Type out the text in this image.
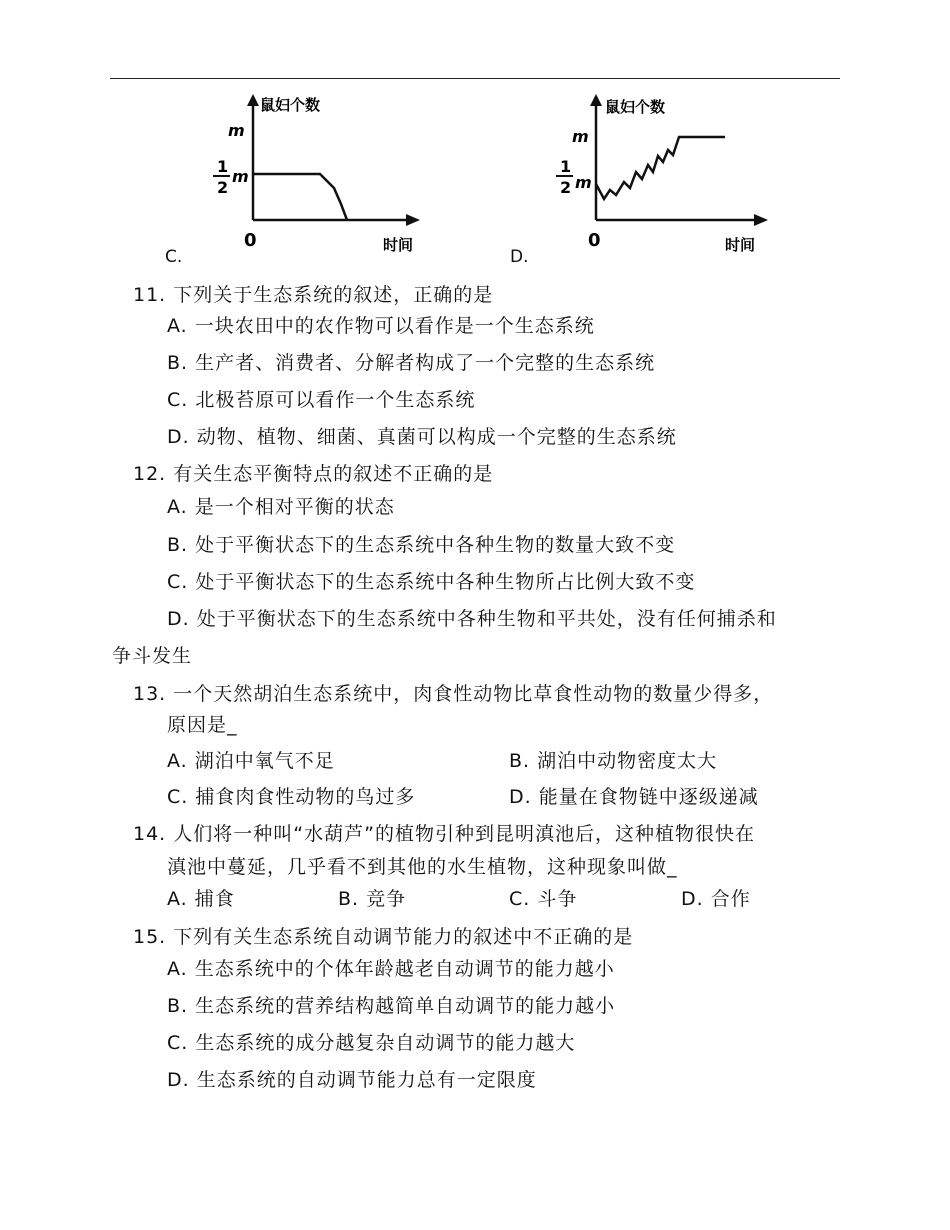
C.
鼠妇个数
m
1
2
m
0	时间
D.
鼠妇个数
m
1
2 m
0	时间
11. 下列关于生态系统的叙述，正确的是
A. 一块农田中的农作物可以看作是一个生态系统
B. 生产者、消费者、分解者构成了一个完整的生态系统
C. 北极苔原可以看作一个生态系统
D. 动物、植物、细菌、真菌可以构成一个完整的生态系统
12. 有关生态平衡特点的叙述不正确的是
A. 是一个相对平衡的状态
B. 处于平衡状态下的生态系统中各种生物的数量大致不变
C. 处于平衡状态下的生态系统中各种生物所占比例大致不变
D. 处于平衡状态下的生态系统中各种生物和平共处，没有任何捕杀和
争斗发生
13. 一个天然胡泊生态系统中，肉食性动物比草食性动物的数量少得多，
原因是_
A. 湖泊中氧气不足	B. 湖泊中动物密度太大
C. 捕食肉食性动物的鸟过多	D. 能量在食物链中逐级递减
14. 人们将一种叫“水葫芦”的植物引种到昆明滇池后，这种植物很快在
滇池中蔓延，几乎看不到其他的水生植物，这种现象叫做_
A. 捕食	B. 竞争	C. 斗争	D. 合作
15. 下列有关生态系统自动调节能力的叙述中不正确的是
A. 生态系统中的个体年龄越老自动调节的能力越小
B. 生态系统的营养结构越简单自动调节的能力越小
C. 生态系统的成分越复杂自动调节的能力越大
D. 生态系统的自动调节能力总有一定限度
